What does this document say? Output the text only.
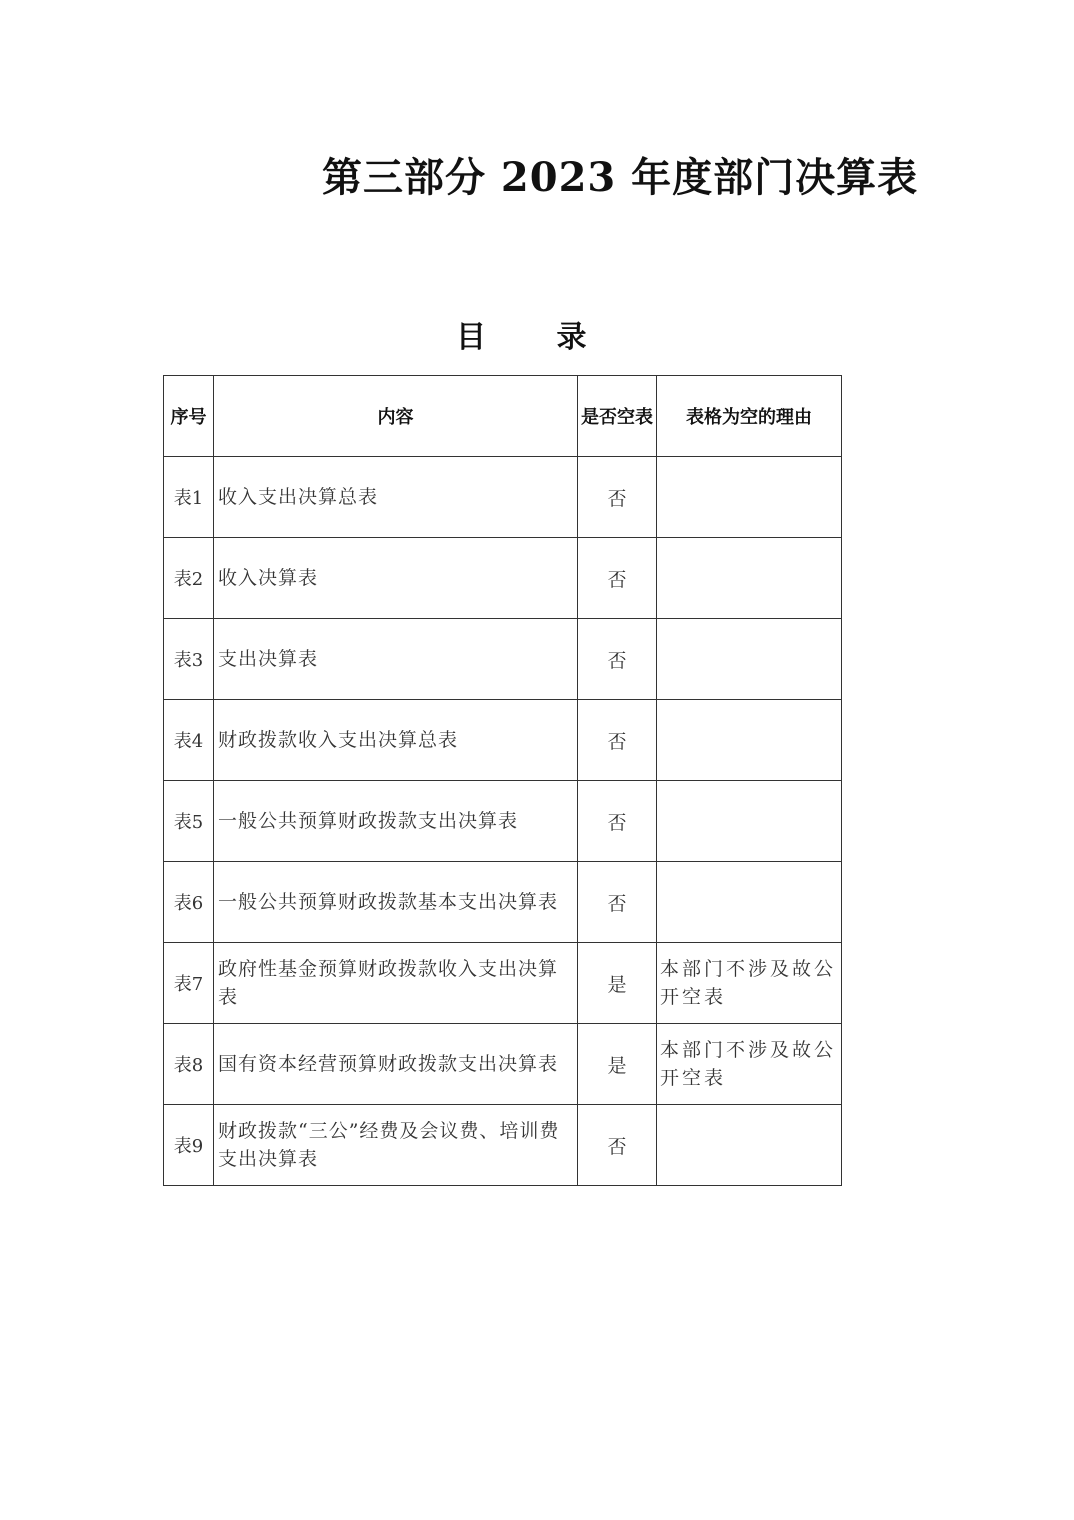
第三部分 2023 年度部门决算表
目 录
序号	内容	是否空表	表格为空的理由
表1	收入支出决算总表	否	
表2	收入决算表	否	
表3	支出决算表	否	
表4	财政拨款收入支出决算总表	否	
表5	一般公共预算财政拨款支出决算表	否	
表6	一般公共预算财政拨款基本支出决算表	否	
表7	政府性基金预算财政拨款收入支出决算表	是	本部门不涉及故公开空表
表8	国有资本经营预算财政拨款支出决算表	是	本部门不涉及故公开空表
表9	财政拨款“三公”经费及会议费、培训费支出决算表	否	
